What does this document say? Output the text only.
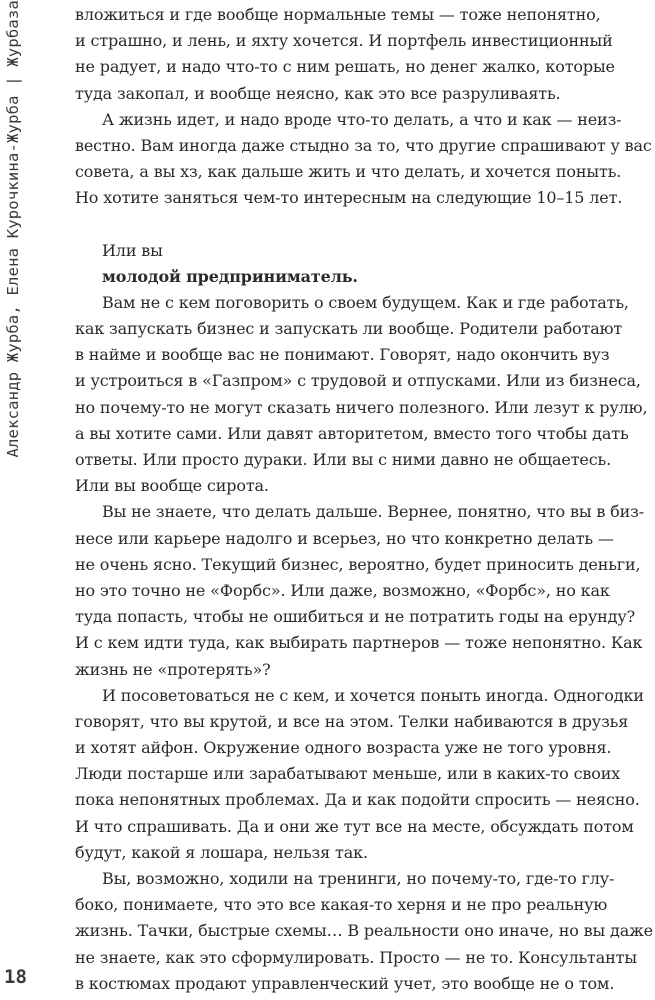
Александр Журба, Елена Курочкина-Журба | Журбаза
18
вложиться и где вообще нормальные темы — тоже непонятно,
и страшно, и лень, и яхту хочется. И портфель инвестиционный
не радует, и надо что-то с ним решать, но денег жалко, которые
туда закопал, и вообще неясно, как это все разруливаять.
А жизнь идет, и надо вроде что-то делать, а что и как — неиз-
вестно. Вам иногда даже стыдно за то, что другие спрашивают у вас
совета, а вы хз, как дальше жить и что делать, и хочется поныть.
Но хотите заняться чем-то интересным на следующие 10–15 лет.
Или вы
молодой предприниматель.
Вам не с кем поговорить о своем будущем. Как и где работать,
как запускать бизнес и запускать ли вообще. Родители работают
в найме и вообще вас не понимают. Говорят, надо окончить вуз
и устроиться в «Газпром» с трудовой и отпусками. Или из бизнеса,
но почему-то не могут сказать ничего полезного. Или лезут к рулю,
а вы хотите сами. Или давят авторитетом, вместо того чтобы дать
ответы. Или просто дураки. Или вы с ними давно не общаетесь.
Или вы вообще сирота.
Вы не знаете, что делать дальше. Вернее, понятно, что вы в биз-
несе или карьере надолго и всерьез, но что конкретно делать —
не очень ясно. Текущий бизнес, вероятно, будет приносить деньги,
но это точно не «Форбс». Или даже, возможно, «Форбс», но как
туда попасть, чтобы не ошибиться и не потратить годы на ерунду?
И с кем идти туда, как выбирать партнеров — тоже непонятно. Как
жизнь не «протерять»?
И посоветоваться не с кем, и хочется поныть иногда. Одногодки
говорят, что вы крутой, и все на этом. Телки набиваются в друзья
и хотят айфон. Окружение одного возраста уже не того уровня.
Люди постарше или зарабатывают меньше, или в каких-то своих
пока непонятных проблемах. Да и как подойти спросить — неясно.
И что спрашивать. Да и они же тут все на месте, обсуждать потом
будут, какой я лошара, нельзя так.
Вы, возможно, ходили на тренинги, но почему-то, где-то глу-
боко, понимаете, что это все какая-то херня и не про реальную
жизнь. Тачки, быстрые схемы… В реальности оно иначе, но вы даже
не знаете, как это сформулировать. Просто — не то. Консультанты
в костюмах продают управленческий учет, это вообще не о том.
